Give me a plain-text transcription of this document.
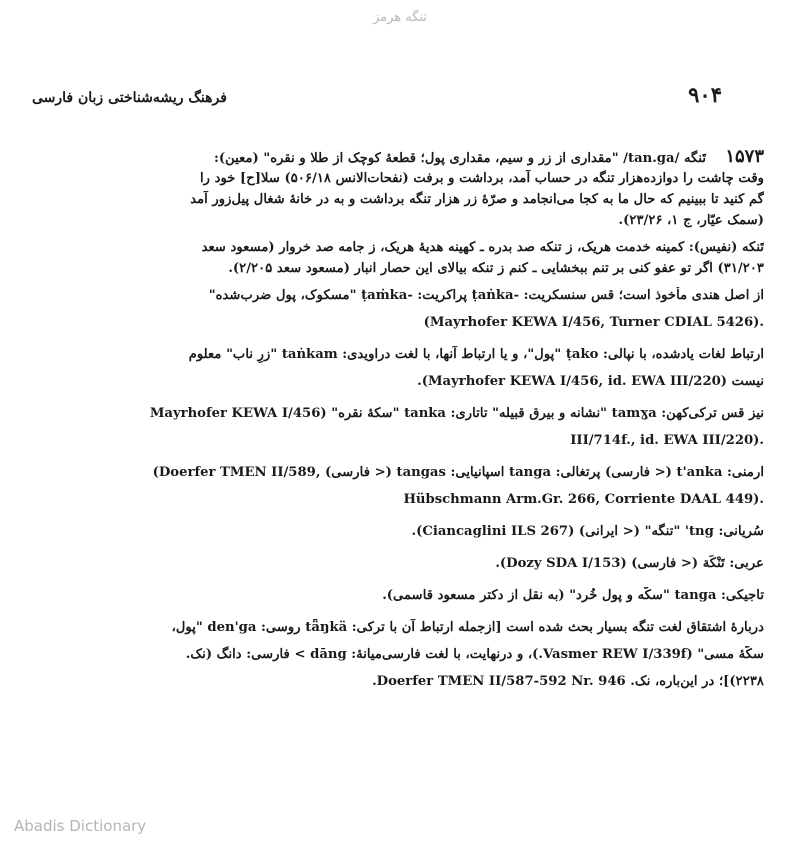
تنگه هرمز
فرهنگ ریشه‌شناختی زبان فارسی	۹۰۴
۱۵۷۳
تَنگه /tan.ga/ "مقداری از زر و سیم، مقداری پول؛ قطعهٔ کوچک از طلا و نقره" (معین):
وقت چاشت را دوازده‌هزار تنگه در حساب آمد، برداشت و برفت (نفحات‌الانس ۵۰۶/۱۸) سلا[ح] خود را
گم کنید تا ببینیم که حال ما به کجا می‌انجامد و صرّهٔ زر هزار تنگه برداشت و به در خانهٔ شغال پیل‌زور آمد
(سمک عیّار، ج ۱، ۲۳/۲۶).
تَنکه (نفیس): کمینه خدمت هریک، ز تنکه صد بدره ـ کهینه هدیهٔ هریک، ز جامه صد خروار (مسعود سعد
۳۱/۲۰۳) اگر تو عفو کنی بر تنم ببخشایی ـ کنم ز تنکه بیالای این حصار انبار (مسعود سعد ۲/۲۰۵).
از اصل هندی مأخوذ است؛ قس سنسکریت: -ṭaṅka پراکریت: -ṭaṁka "مسکوک، پول ضرب‌شده"
(Mayrhofer KEWA I/456, Turner CDIAL 5426).
ارتباط لغات یادشده، با نپالی: ṭako "پول"، و یا ارتباط آنها، با لغت دراویدی: taṅkam "زرِ ناب" معلوم
نیست (Mayrhofer KEWA I/456, id. EWA III/220).
نیز قس ترکی‌کهن: tamɣa "نشانه و بیرق قبیله" تاتاری: tanka "سکهٔ نقره" (Mayrhofer KEWA I/456
III/714f., id. EWA III/220).
ارمنی: t'anka (< فارسی) پرتغالی: tanga اسپانیایی: tangas (< فارسی) ,Doerfer TMEN II/589)
Hübschmann Arm.Gr. 266, Corriente DAAL 449).
سُریانی: tng' "تنگه" (< ایرانی) (Ciancaglini ILS 267).
عربی: تَنْکَة (< فارسی) (Dozy SDA I/153).
تاجیکی: tanga "سکّه و پول خُرد" (به نقل از دکتر مسعود قاسمی).
دربارهٔ اشتقاق لغت تنگه بسیار بحث شده است [ازجمله ارتباط آن با ترکی: tǟŋkä روسی: den'ga "پول،
سکّهٔ مسی" (Vasmer REW I/339f.)، و درنهایت، با لغت فارسی‌میانهٔ: dāng > فارسی: دانگ (نک.
۲۲۳۸)]؛ در این‌باره، نک. Doerfer TMEN II/587-592 Nr. 946.
Abadis Dictionary
